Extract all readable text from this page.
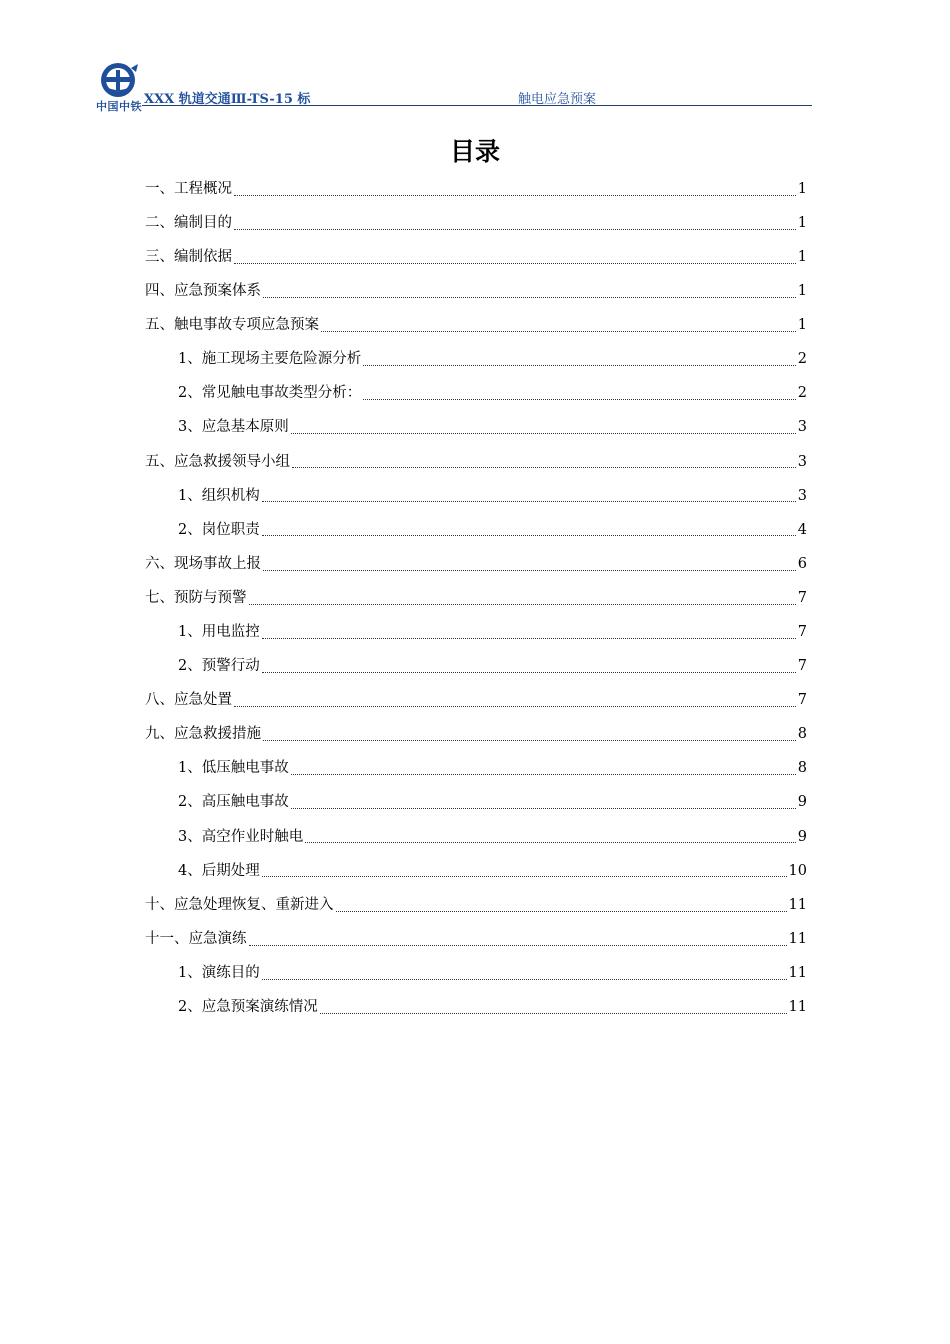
中国中铁 XXX 轨道交通Ⅲ-TS-15 标	触电应急预案
目录
一、工程概况	1
二、编制目的	1
三、编制依据	1
四、应急预案体系	1
五、触电事故专项应急预案	1
1、施工现场主要危险源分析	2
2、常见触电事故类型分析：	2
3、应急基本原则	3
五、应急救援领导小组	3
1、组织机构	3
2、岗位职责	4
六、现场事故上报	6
七、预防与预警	7
1、用电监控	7
2、预警行动	7
八、应急处置	7
九、应急救援措施	8
1、低压触电事故	8
2、高压触电事故	9
3、高空作业时触电	9
4、后期处理	10
十、应急处理恢复、重新进入	11
十一、应急演练	11
1、演练目的	11
2、应急预案演练情况	11
